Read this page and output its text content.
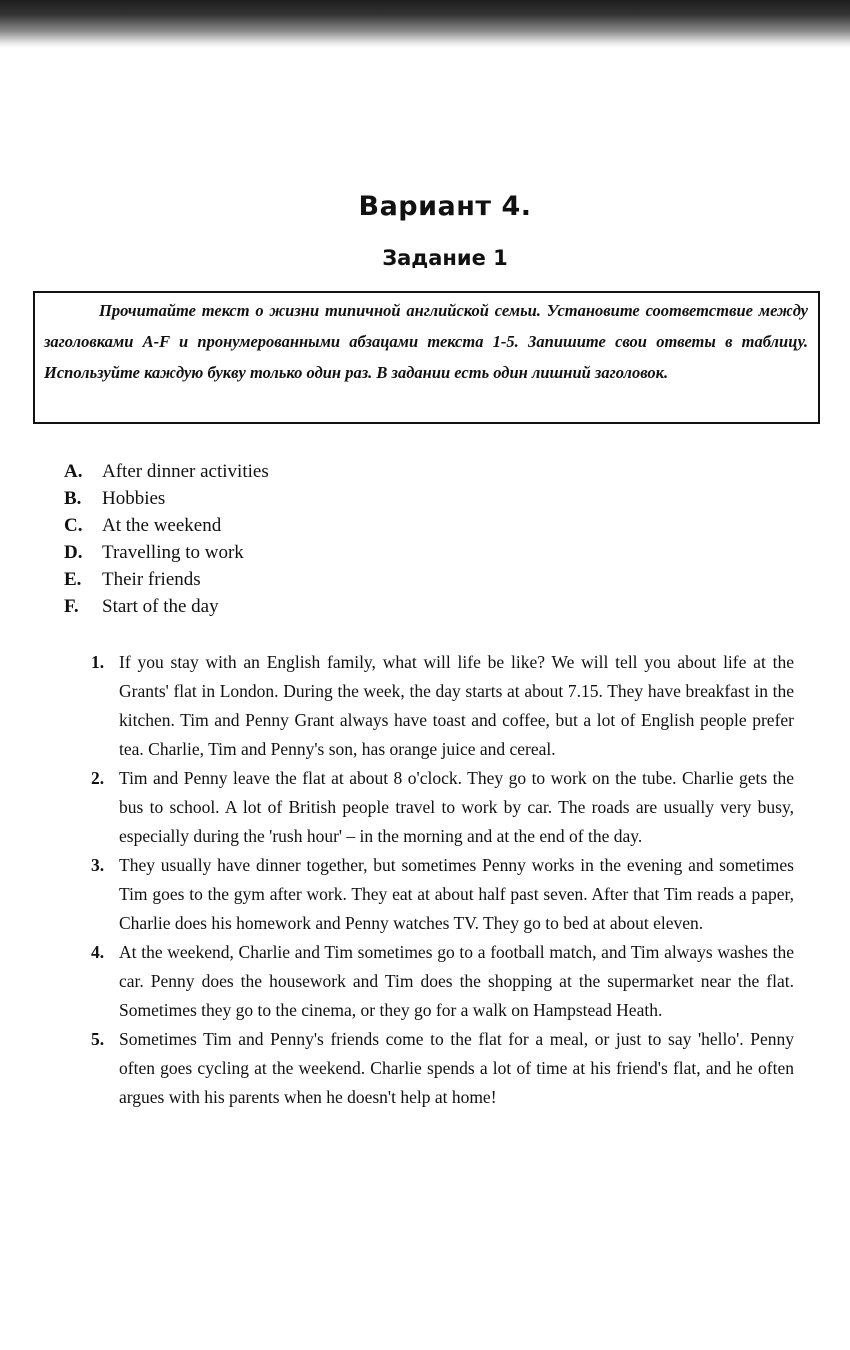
Вариант 4.
Задание 1

Прочитайте текст о жизни типичной английской семьи. Установите соответствие между заголовками A-F и пронумерованными абзацами текста 1-5. Запишите свои ответы в таблицу. Используйте каждую букву только один раз. В задании есть один лишний заголовок.

A. After dinner activities
B. Hobbies
C. At the weekend
D. Travelling to work
E. Their friends
F. Start of the day
1. If you stay with an English family, what will life be like? We will tell you about life at the Grants' flat in London. During the week, the day starts at about 7.15. They have breakfast in the kitchen. Tim and Penny Grant always have toast and coffee, but a lot of English people prefer tea. Charlie, Tim and Penny's son, has orange juice and cereal.
2. Tim and Penny leave the flat at about 8 o'clock. They go to work on the tube. Charlie gets the bus to school. A lot of British people travel to work by car. The roads are usually very busy, especially during the 'rush hour' – in the morning and at the end of the day.
3. They usually have dinner together, but sometimes Penny works in the evening and sometimes Tim goes to the gym after work. They eat at about half past seven. After that Tim reads a paper, Charlie does his homework and Penny watches TV. They go to bed at about eleven.
4. At the weekend, Charlie and Tim sometimes go to a football match, and Tim always washes the car. Penny does the housework and Tim does the shopping at the supermarket near the flat. Sometimes they go to the cinema, or they go for a walk on Hampstead Heath.
5. Sometimes Tim and Penny's friends come to the flat for a meal, or just to say 'hello'. Penny often goes cycling at the weekend. Charlie spends a lot of time at his friend's flat, and he often argues with his parents when he doesn't help at home!
